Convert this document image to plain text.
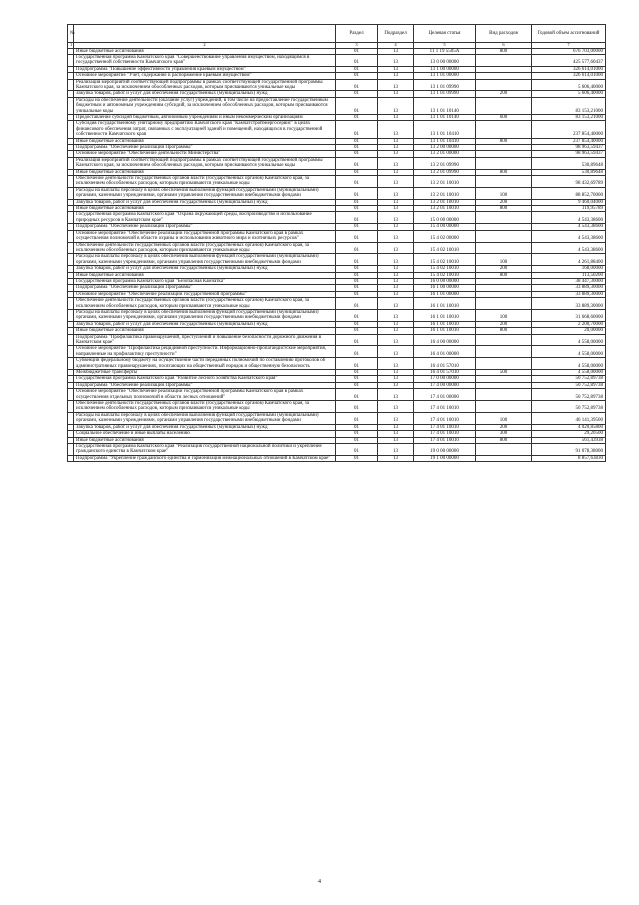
№		Раздел	Подраздел	Целевая статья	Вид расходов	Годовой объем ассигнований
1	2	3	4	5	6	7
	Иные бюджетные ассигнования	01	13	11 1 19 5505А	800	676 703,00000
	Государственная программа Камчатского края "Совершенствование управления имуществом, находящимся в государственной собственности Камчатского края"	01	13	13 0 00 00000		425 577,60437
	Подпрограмма "Повышение эффективности управления краевым имуществом"	01	13	13 1 00 00000		326 614,01000
	Основное мероприятие "Учет, содержание и распоряжение краевым имуществом"	01	13	13 1 01 00000		326 614,01000
	Реализация мероприятий соответствующей подпрограммы в рамках соответствующей государственной программы Камчатского края, за исключением обособленных расходов, которым присваиваются уникальные коды	01	13	13 1 01 09990		5 606,40000
	Закупка товаров, работ и услуг для обеспечения государственных (муниципальных) нужд	01	13	13 1 01 09990	200	5 606,40000
	Расходы на обеспечение деятельности (оказание услуг) учреждений, в том числе на предоставление государственным бюджетным и автономным учреждениям субсидий, за исключением обособленных расходов, которым присваиваются уникальные коды	01	13	13 1 01 10140		83 153,21000
	Предоставление субсидий бюджетным, автономным учреждениям и иным некоммерческим организациям	01	13	13 1 01 10140	600	83 153,21000
	Субсидия государственному унитарному предприятию Камчатского края "Камчатстройэнергосервис" в целях финансового обеспечения затрат, связанных с эксплуатацией зданий и помещений, находящихся в государственной собственности Камчатского края	01	13	13 1 01 10410		237 854,40000
	Иные бюджетные ассигнования	01	13	13 1 01 10410	800	237 854,40000
	Подпрограмма "Обеспечение реализации Программы"	01	13	13 2 00 00000		98 963,59437
	Основное мероприятие "Обеспечение деятельности Министерства"	01	13	13 2 01 00000		98 963,59437
	Реализация мероприятий соответствующей подпрограммы в рамках соответствующей государственной программы Камчатского края, за исключением обособленных расходов, которым присваиваются уникальные коды	01	13	13 2 01 09990		530,89648
	Иные бюджетные ассигнования	01	13	13 2 01 09990	800	530,89648
	Обеспечение деятельности государственных органов власти (государственных органов) Камчатского края, за исключением обособленных расходов, которым присваиваются уникальные коды	01	13	13 2 01 10010		98 432,69789
	Расходы на выплаты персоналу в целях обеспечения выполнения функций государственными (муниципальными) органами, казенными учреждениями, органами управления государственными внебюджетными фондами	01	13	13 2 01 10010	100	88 852,70000
	Закупка товаров, работ и услуг для обеспечения государственных (муниципальных) нужд	01	13	13 2 01 10010	200	9 460,04000
	Иные бюджетные ассигнования	01	13	13 2 01 10010	800	119,95789
	Государственная программа Камчатского края "Охрана окружающей среды, воспроизводство и использование природных ресурсов в Камчатском крае"	01	13	15 0 00 00000		4 543,38600
	Подпрограмма "Обеспечение реализации Программы"	01	13	15 4 00 00000		4 543,38600
	Основное мероприятие "Обеспечение реализации государственной программы Камчатского края в рамках осуществления полномочий в области охраны и использования животного мира и охотничьих ресурсов"	01	13	15 4 02 00000		4 543,38600
	Обеспечение деятельности государственных органов власти (государственных органов) Камчатского края, за исключением обособленных расходов, которым присваиваются уникальные коды	01	13	15 4 02 10010		4 543,38600
	Расходы на выплаты персоналу в целях обеспечения выполнения функций государственными (муниципальными) органами, казенными учреждениями, органами управления государственными внебюджетными фондами	01	13	15 4 02 10010	100	4 261,88400
	Закупка товаров, работ и услуг для обеспечения государственных (муниципальных) нужд	01	13	15 4 02 10010	200	168,00000
	Иные бюджетные ассигнования	01	13	15 4 02 10010	800	113,50200
	Государственная программа Камчатского края "Безопасная Камчатка"	01	13	16 0 00 00000		38 447,30000
	Подпрограмма "Обеспечение реализации Программы"	01	13	16 1 00 00000		33 889,30000
	Основное мероприятие "Обеспечение реализации государственной программы"	01	13	16 1 01 00000		33 889,30000
	Обеспечение деятельности государственных органов власти (государственных органов) Камчатского края, за исключением обособленных расходов, которым присваиваются уникальные коды	01	13	16 1 01 10010		33 889,30000
	Расходы на выплаты персоналу в целях обеспечения выполнения функций государственными (муниципальными) органами, казенными учреждениями, органами управления государственными внебюджетными фондами	01	13	16 1 01 10010	100	31 668,60000
	Закупка товаров, работ и услуг для обеспечения государственных (муниципальных) нужд	01	13	16 1 01 10010	200	2 200,70000
	Иные бюджетные ассигнования	01	13	16 1 01 10010	800	20,00000
	Подпрограмма "Профилактика правонарушений, преступлений и повышение безопасности дорожного движения в Камчатском крае"	01	13	16 4 00 00000		4 558,00000
	Основное мероприятие "Профилактика рецидивной преступности. Информационно-пропагандистские мероприятия, направленные на профилактику преступности"	01	13	16 4 01 00000		4 558,00000
	Субвенции федеральному бюджету на осуществление части переданных полномочий по составлению протоколов об административных правонарушениях, посягающих на общественный порядок и общественную безопасность	01	13	16 4 01 57010		4 558,00000
	Межбюджетные трансферты	01	13	16 4 01 57010	500	4 558,00000
	Государственная программа Камчатского края "Развитие лесного хозяйства Камчатского края"	01	13	17 0 00 00000		50 752,89738
	Подпрограмма "Обеспечение реализации Программы"	01	13	17 4 00 00000		50 752,89738
	Основное мероприятие "Обеспечение реализации государственной программы Камчатского края в рамках осуществления отдельных полномочий в области лесных отношений"	01	13	17 4 01 00000		50 752,89738
	Обеспечение деятельности государственных органов власти (государственных органов) Камчатского края, за исключением обособленных расходов, которым присваиваются уникальные коды	01	13	17 4 01 10010		50 752,89738
	Расходы на выплаты персоналу в целях обеспечения выполнения функций государственными (муниципальными) органами, казенными учреждениями, органами управления государственными внебюджетными фондами	01	13	17 4 01 10010	100	46 141,39500
	Закупка товаров, работ и услуг для обеспечения государственных (муниципальных) нужд	01	13	17 4 01 10010	200	4 020,85800
	Социальное обеспечение и иные выплаты населению	01	13	17 4 01 10010	300	29,20500
	Иные бюджетные ассигнования	01	13	17 4 01 10010	800	561,43938
	Государственная программа Камчатского края "Реализация государственной национальной политики и укрепление гражданского единства в Камчатском крае"	01	13	19 0 00 00000		91 078,38000
	Подпрограмма "Укрепление гражданского единства и гармонизация межнациональных отношений в Камчатском крае"	01	13	19 1 00 00000		8 857,63830
4
